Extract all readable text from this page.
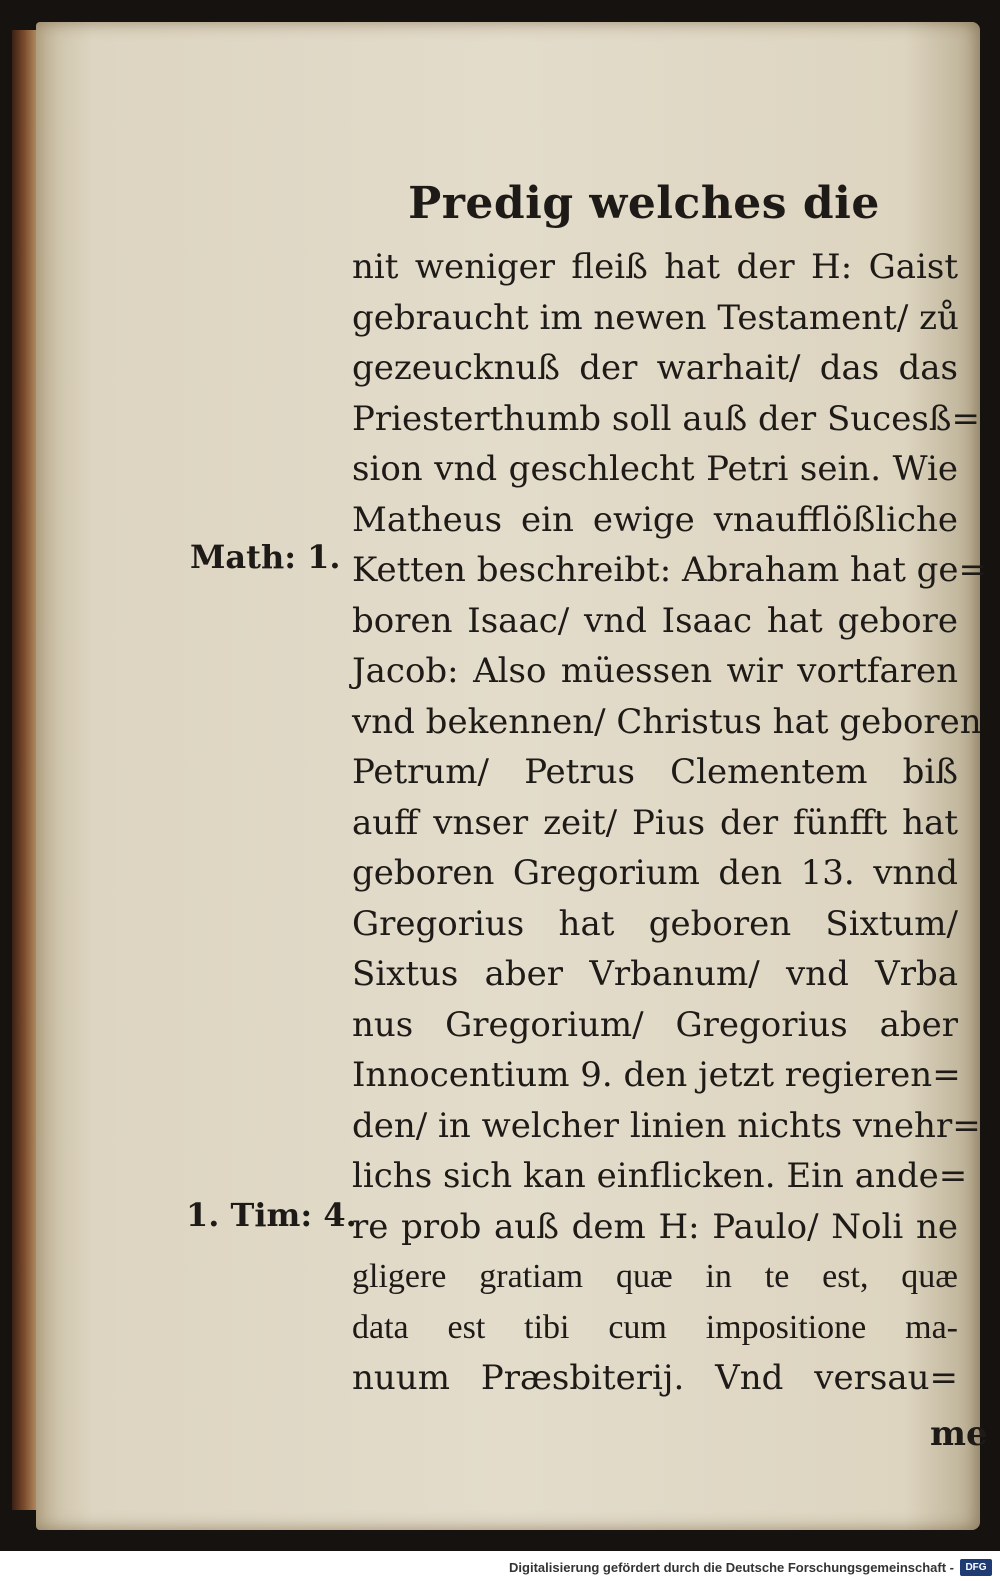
Predig welches die
Math: 1.
1. Tim: 4.
nit weniger fleiß hat der H: Gaist
gebraucht im newen Testament/ zů
gezeucknuß der warhait/ das das
Priesterthumb soll auß der Sucesß=
sion vnd geschlecht Petri sein. Wie
Matheus ein ewige vnaufflößliche
Ketten beschreibt: Abraham hat ge=
boren Isaac/ vnd Isaac hat gebore
Jacob: Also müessen wir vortfaren
vnd bekennen/ Christus hat geboren
Petrum/ Petrus Clementem biß
auff vnser zeit/ Pius der fünfft hat
geboren Gregorium den 13. vnnd
Gregorius hat geboren Sixtum/
Sixtus aber Vrbanum/ vnd Vrba
nus Gregorium/ Gregorius aber
Innocentium 9. den jetzt regieren=
den/ in welcher linien nichts vnehr=
lichs sich kan einflicken. Ein ande=
re prob auß dem H: Paulo/ Noli ne
gligere gratiam quæ in te est, quæ
data est tibi cum impositione ma-
nuum Præsbiterij. Vnd versau=
me
Digitalisierung gefördert durch die Deutsche Forschungsgemeinschaft -	DFG
